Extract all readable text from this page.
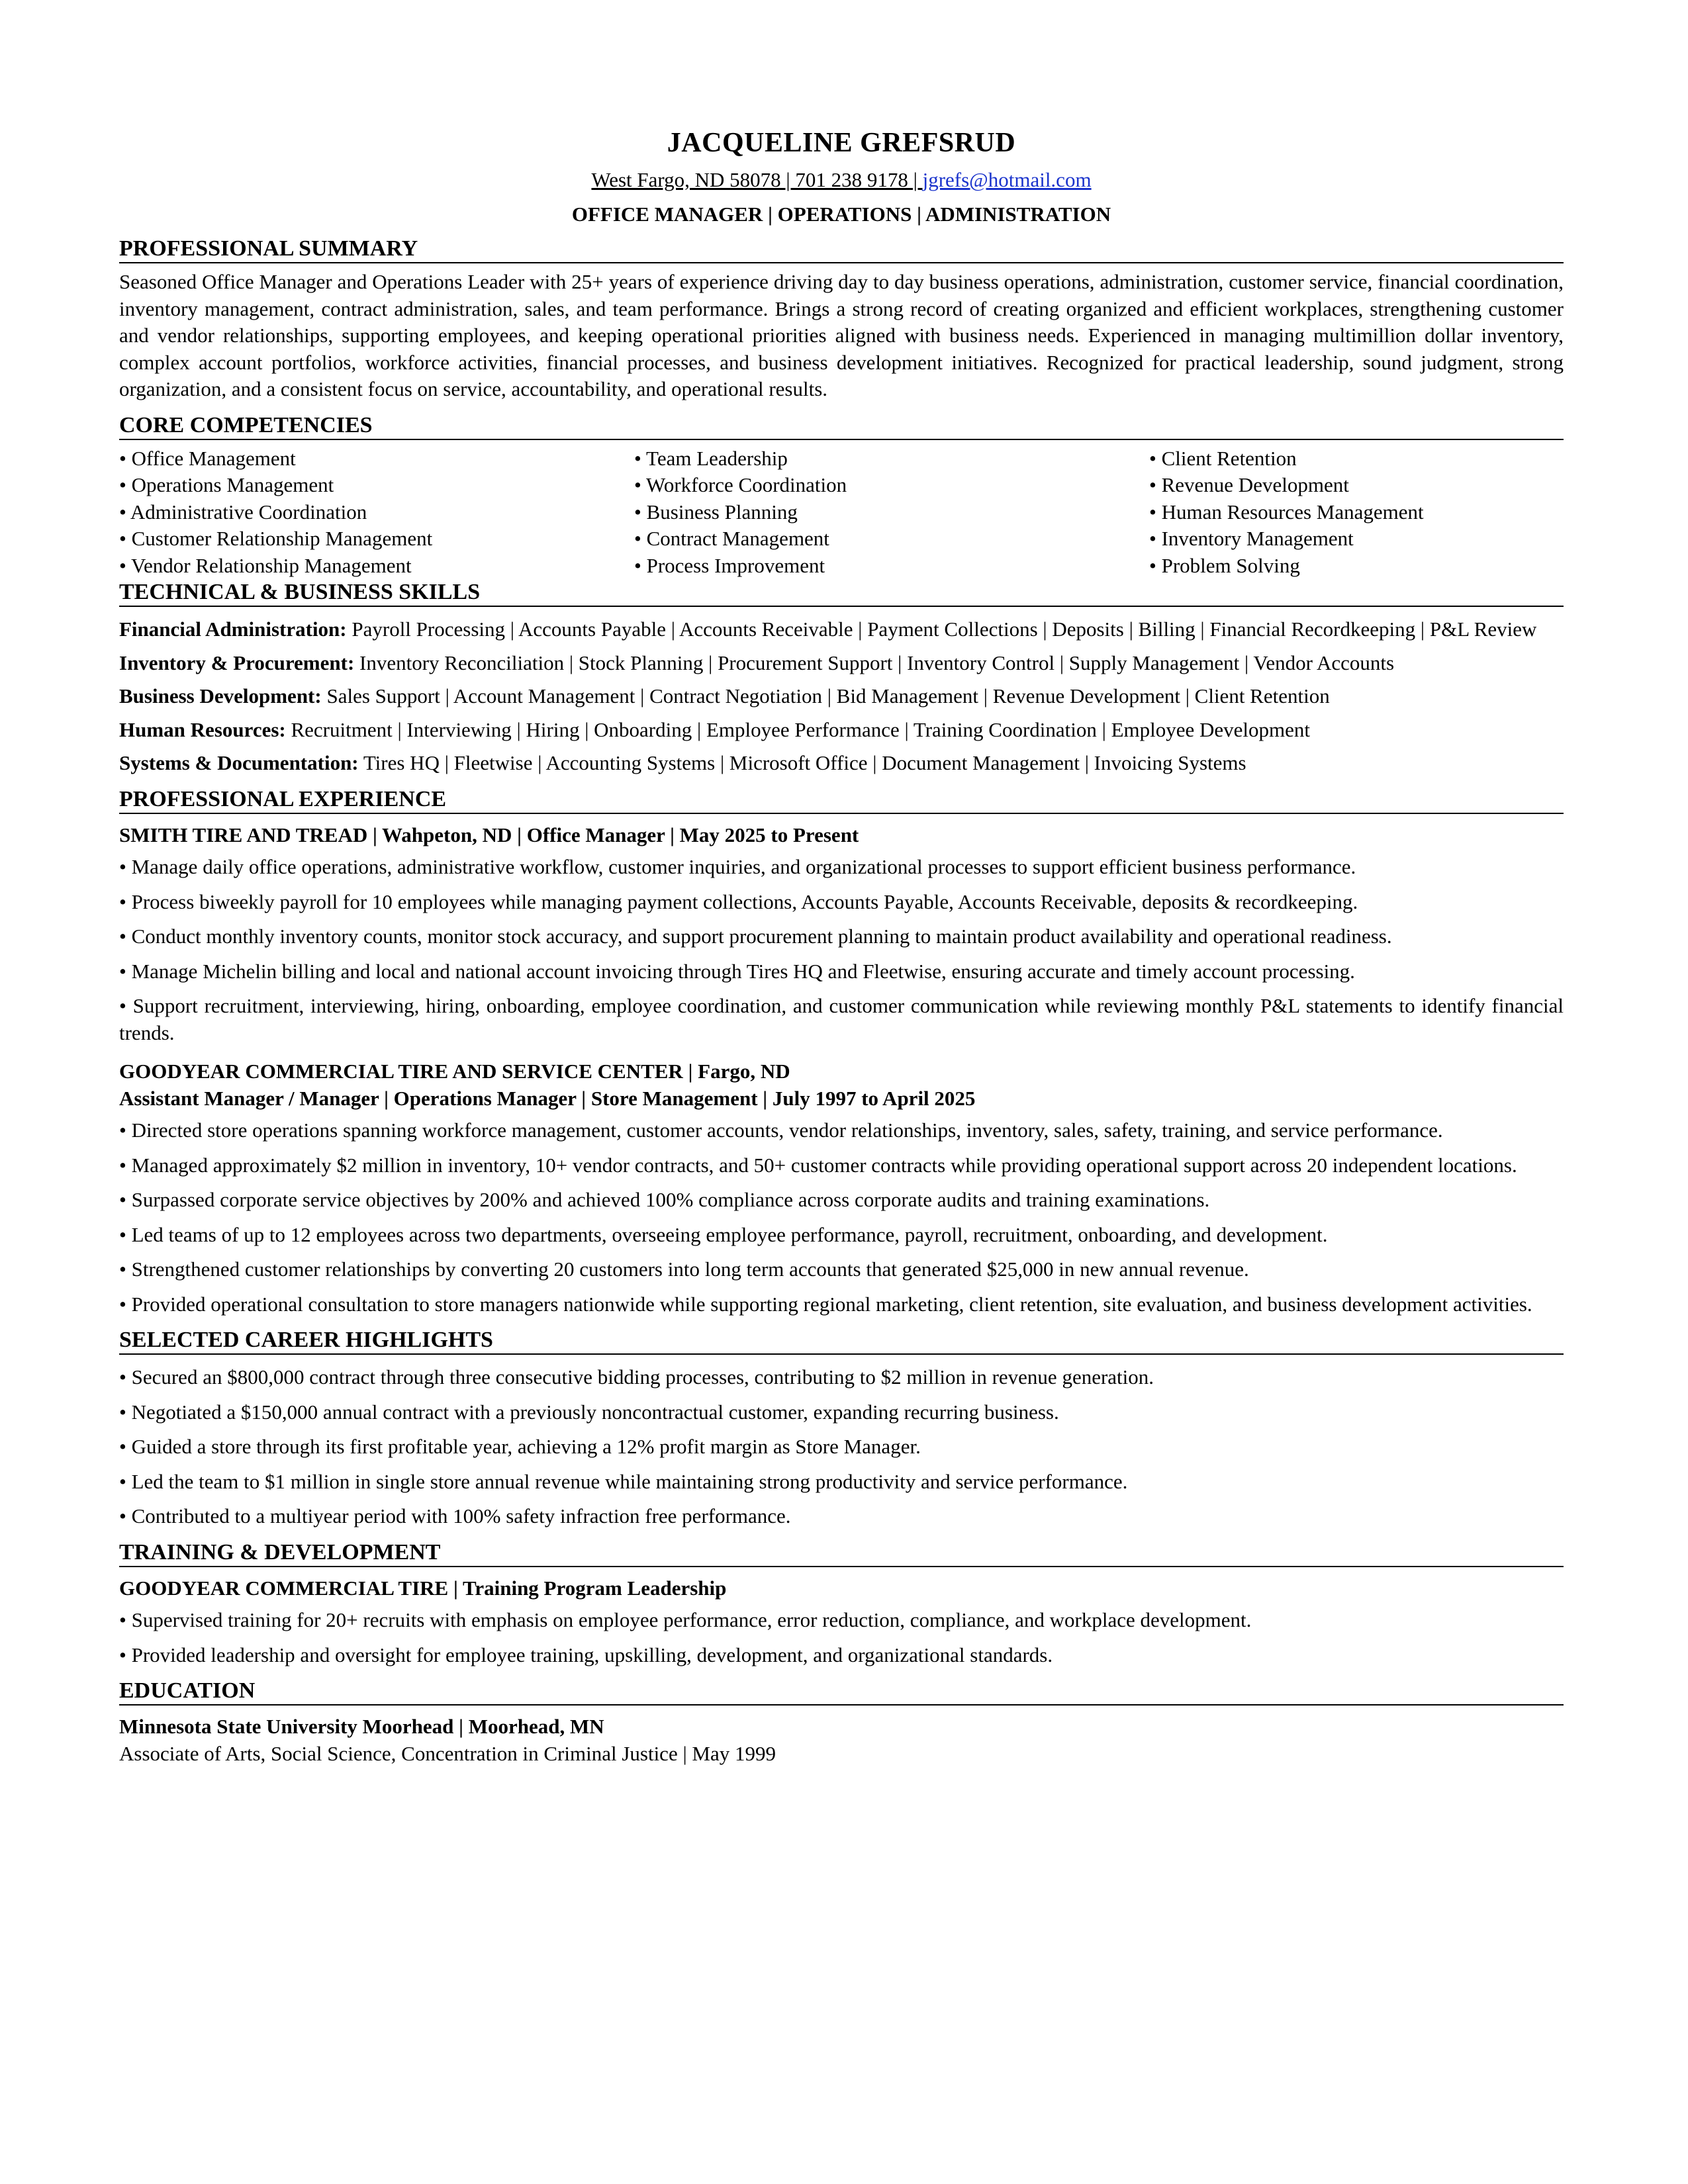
JACQUELINE GREFSRUD
West Fargo, ND 58078 | 701 238 9178 | jgrefs@hotmail.com
OFFICE MANAGER | OPERATIONS | ADMINISTRATION
PROFESSIONAL SUMMARY

Seasoned Office Manager and Operations Leader with 25+ years of experience driving day to day business operations, administration, customer service, financial coordination, inventory management, contract administration, sales, and team performance. Brings a strong record of creating organized and efficient workplaces, strengthening customer and vendor relationships, supporting employees, and keeping operational priorities aligned with business needs. Experienced in managing multimillion dollar inventory, complex account portfolios, workforce activities, financial processes, and business development initiatives. Recognized for practical leadership, sound judgment, strong organization, and a consistent focus on service, accountability, and operational results.

CORE COMPETENCIES
• Office Management	• Team Leadership	• Client Retention
• Operations Management	• Workforce Coordination	• Revenue Development
• Administrative Coordination	• Business Planning	• Human Resources Management
• Customer Relationship Management	• Contract Management	• Inventory Management
• Vendor Relationship Management	• Process Improvement	• Problem Solving
TECHNICAL & BUSINESS SKILLS

Financial Administration: Payroll Processing | Accounts Payable | Accounts Receivable | Payment Collections | Deposits | Billing | Financial Recordkeeping | P&L Review

Inventory & Procurement: Inventory Reconciliation | Stock Planning | Procurement Support | Inventory Control | Supply Management | Vendor Accounts

Business Development: Sales Support | Account Management | Contract Negotiation | Bid Management | Revenue Development | Client Retention

Human Resources: Recruitment | Interviewing | Hiring | Onboarding | Employee Performance | Training Coordination | Employee Development

Systems & Documentation: Tires HQ | Fleetwise | Accounting Systems | Microsoft Office | Document Management | Invoicing Systems

PROFESSIONAL EXPERIENCE
SMITH TIRE AND TREAD | Wahpeton, ND | Office Manager | May 2025 to Present

• Manage daily office operations, administrative workflow, customer inquiries, and organizational processes to support efficient business performance.

• Process biweekly payroll for 10 employees while managing payment collections, Accounts Payable, Accounts Receivable, deposits & recordkeeping.

• Conduct monthly inventory counts, monitor stock accuracy, and support procurement planning to maintain product availability and operational readiness.

• Manage Michelin billing and local and national account invoicing through Tires HQ and Fleetwise, ensuring accurate and timely account processing.

• Support recruitment, interviewing, hiring, onboarding, employee coordination, and customer communication while reviewing monthly P&L statements to identify financial trends.

GOODYEAR COMMERCIAL TIRE AND SERVICE CENTER | Fargo, ND
Assistant Manager / Manager | Operations Manager | Store Management | July 1997 to April 2025

• Directed store operations spanning workforce management, customer accounts, vendor relationships, inventory, sales, safety, training, and service performance.

• Managed approximately $2 million in inventory, 10+ vendor contracts, and 50+ customer contracts while providing operational support across 20 independent locations.

• Surpassed corporate service objectives by 200% and achieved 100% compliance across corporate audits and training examinations.

• Led teams of up to 12 employees across two departments, overseeing employee performance, payroll, recruitment, onboarding, and development.

• Strengthened customer relationships by converting 20 customers into long term accounts that generated $25,000 in new annual revenue.

• Provided operational consultation to store managers nationwide while supporting regional marketing, client retention, site evaluation, and business development activities.

SELECTED CAREER HIGHLIGHTS

• Secured an $800,000 contract through three consecutive bidding processes, contributing to $2 million in revenue generation.

• Negotiated a $150,000 annual contract with a previously noncontractual customer, expanding recurring business.

• Guided a store through its first profitable year, achieving a 12% profit margin as Store Manager.

• Led the team to $1 million in single store annual revenue while maintaining strong productivity and service performance.

• Contributed to a multiyear period with 100% safety infraction free performance.

TRAINING & DEVELOPMENT
GOODYEAR COMMERCIAL TIRE | Training Program Leadership

• Supervised training for 20+ recruits with emphasis on employee performance, error reduction, compliance, and workplace development.

• Provided leadership and oversight for employee training, upskilling, development, and organizational standards.

EDUCATION
Minnesota State University Moorhead | Moorhead, MN
Associate of Arts, Social Science, Concentration in Criminal Justice | May 1999
